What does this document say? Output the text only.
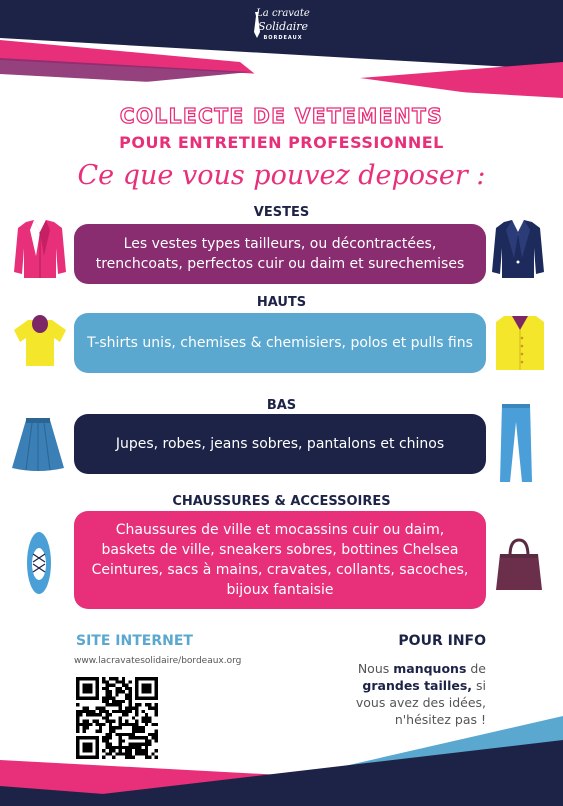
La cravate
Solidaire
BORDEAUX
COLLECTE DE VETEMENTS
POUR ENTRETIEN PROFESSIONNEL
Ce que vous pouvez deposer :
VESTES
Les vestes types tailleurs, ou décontractées,
trenchcoats, perfectos cuir ou daim et surechemises
HAUTS
T-shirts unis, chemises & chemisiers, polos et pulls fins
BAS
Jupes, robes, jeans sobres, pantalons et chinos
CHAUSSURES & ACCESSOIRES
Chaussures de ville et mocassins cuir ou daim,
baskets de ville, sneakers sobres, bottines Chelsea
Ceintures, sacs à mains, cravates, collants, sacoches,
bijoux fantaisie
SITE INTERNET
www.lacravatesolidaire/bordeaux.org
POUR INFO
Nous manquons de
grandes tailles, si
vous avez des idées,
n'hésitez pas !
